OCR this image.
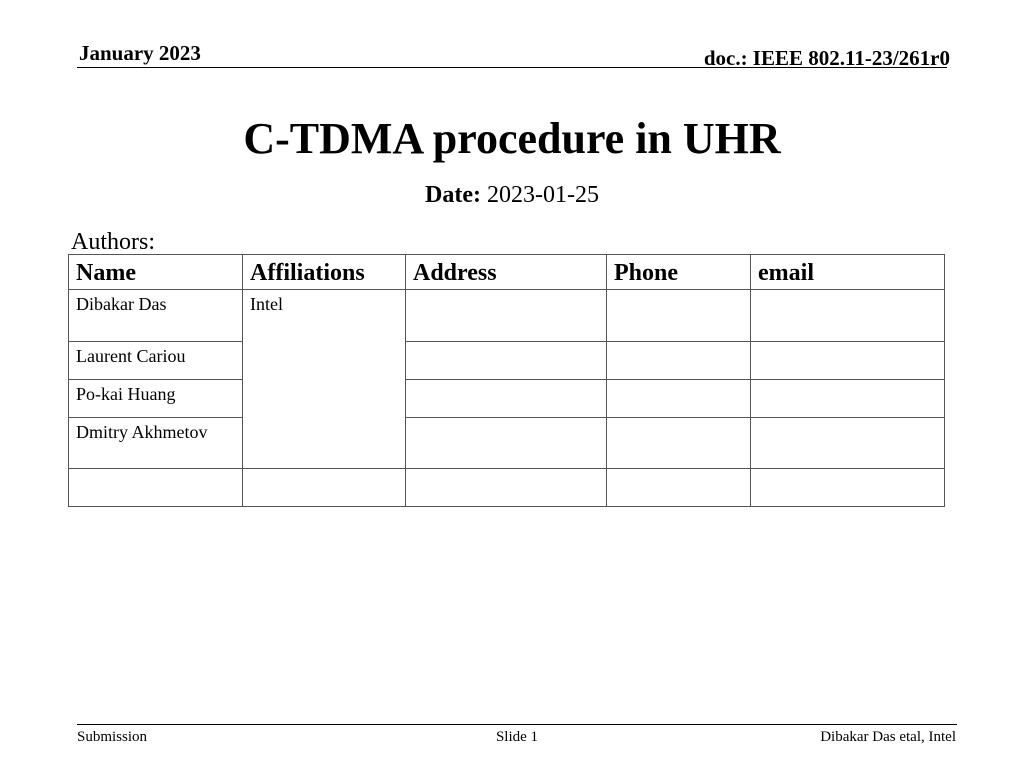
January 2023	doc.: IEEE 802.11-23/261r0
C-TDMA procedure in UHR
Date: 2023-01-25
Authors:
Name	Affiliations	Address	Phone	email
Dibakar Das	Intel			
Laurent Cariou				
Po-kai Huang				
Dmitry Akhmetov				

Submission	Slide 1	Dibakar Das etal, Intel
